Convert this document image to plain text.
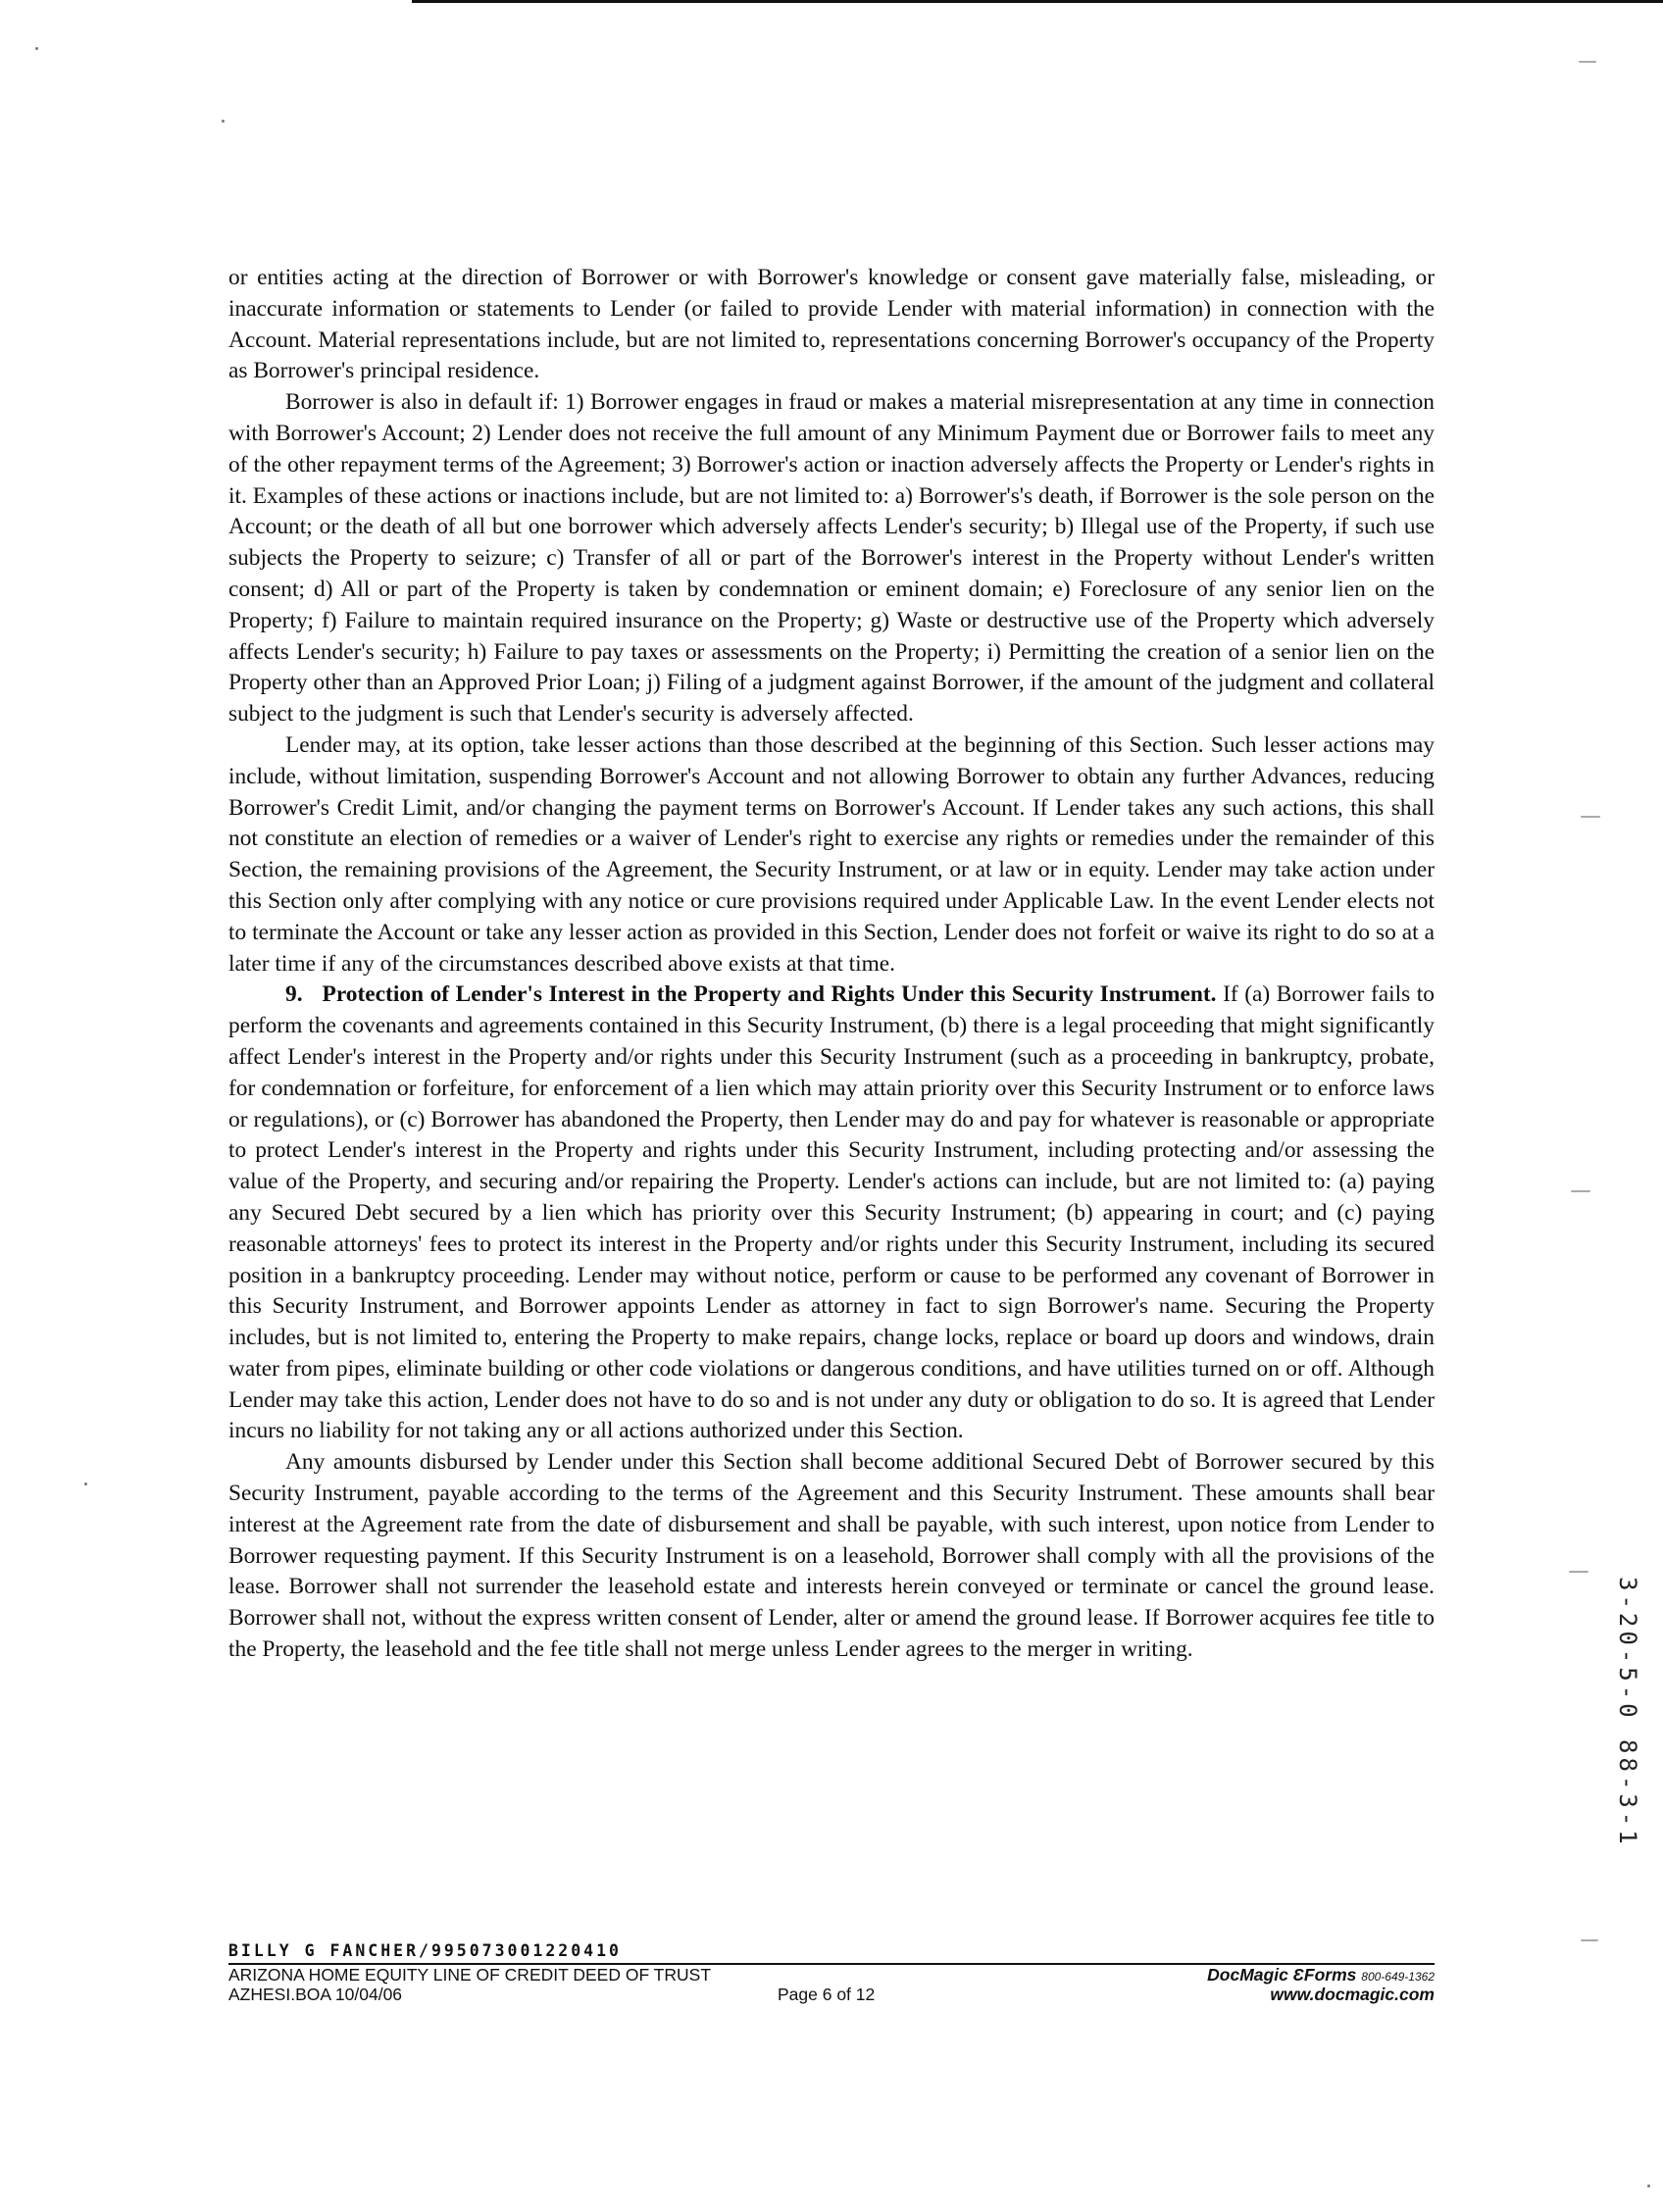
or entities acting at the direction of Borrower or with Borrower's knowledge or consent gave materially false, misleading, or inaccurate information or statements to Lender (or failed to provide Lender with material information) in connection with the Account. Material representations include, but are not limited to, representations concerning Borrower's occupancy of the Property as Borrower's principal residence.

Borrower is also in default if: 1) Borrower engages in fraud or makes a material misrepresentation at any time in connection with Borrower's Account; 2) Lender does not receive the full amount of any Minimum Payment due or Borrower fails to meet any of the other repayment terms of the Agreement; 3) Borrower's action or inaction adversely affects the Property or Lender's rights in it. Examples of these actions or inactions include, but are not limited to: a) Borrower's's death, if Borrower is the sole person on the Account; or the death of all but one borrower which adversely affects Lender's security; b) Illegal use of the Property, if such use subjects the Property to seizure; c) Transfer of all or part of the Borrower's interest in the Property without Lender's written consent; d) All or part of the Property is taken by condemnation or eminent domain; e) Foreclosure of any senior lien on the Property; f) Failure to maintain required insurance on the Property; g) Waste or destructive use of the Property which adversely affects Lender's security; h) Failure to pay taxes or assessments on the Property; i) Permitting the creation of a senior lien on the Property other than an Approved Prior Loan; j) Filing of a judgment against Borrower, if the amount of the judgment and collateral subject to the judgment is such that Lender's security is adversely affected.

Lender may, at its option, take lesser actions than those described at the beginning of this Section. Such lesser actions may include, without limitation, suspending Borrower's Account and not allowing Borrower to obtain any further Advances, reducing Borrower's Credit Limit, and/or changing the payment terms on Borrower's Account. If Lender takes any such actions, this shall not constitute an election of remedies or a waiver of Lender's right to exercise any rights or remedies under the remainder of this Section, the remaining provisions of the Agreement, the Security Instrument, or at law or in equity. Lender may take action under this Section only after complying with any notice or cure provisions required under Applicable Law. In the event Lender elects not to terminate the Account or take any lesser action as provided in this Section, Lender does not forfeit or waive its right to do so at a later time if any of the circumstances described above exists at that time.

9. Protection of Lender's Interest in the Property and Rights Under this Security Instrument. If (a) Borrower fails to perform the covenants and agreements contained in this Security Instrument, (b) there is a legal proceeding that might significantly affect Lender's interest in the Property and/or rights under this Security Instrument (such as a proceeding in bankruptcy, probate, for condemnation or forfeiture, for enforcement of a lien which may attain priority over this Security Instrument or to enforce laws or regulations), or (c) Borrower has abandoned the Property, then Lender may do and pay for whatever is reasonable or appropriate to protect Lender's interest in the Property and rights under this Security Instrument, including protecting and/or assessing the value of the Property, and securing and/or repairing the Property. Lender's actions can include, but are not limited to: (a) paying any Secured Debt secured by a lien which has priority over this Security Instrument; (b) appearing in court; and (c) paying reasonable attorneys' fees to protect its interest in the Property and/or rights under this Security Instrument, including its secured position in a bankruptcy proceeding. Lender may without notice, perform or cause to be performed any covenant of Borrower in this Security Instrument, and Borrower appoints Lender as attorney in fact to sign Borrower's name. Securing the Property includes, but is not limited to, entering the Property to make repairs, change locks, replace or board up doors and windows, drain water from pipes, eliminate building or other code violations or dangerous conditions, and have utilities turned on or off. Although Lender may take this action, Lender does not have to do so and is not under any duty or obligation to do so. It is agreed that Lender incurs no liability for not taking any or all actions authorized under this Section.

Any amounts disbursed by Lender under this Section shall become additional Secured Debt of Borrower secured by this Security Instrument, payable according to the terms of the Agreement and this Security Instrument. These amounts shall bear interest at the Agreement rate from the date of disbursement and shall be payable, with such interest, upon notice from Lender to Borrower requesting payment. If this Security Instrument is on a leasehold, Borrower shall comply with all the provisions of the lease. Borrower shall not surrender the leasehold estate and interests herein conveyed or terminate or cancel the ground lease. Borrower shall not, without the express written consent of Lender, alter or amend the ground lease. If Borrower acquires fee title to the Property, the leasehold and the fee title shall not merge unless Lender agrees to the merger in writing.

BILLY G FANCHER/995073001220410
ARIZONA HOME EQUITY LINE OF CREDIT DEED OF TRUST	DocMagic ƐForms 800-649-1362
AZHESI.BOA 10/04/06	Page 6 of 12	www.docmagic.com
3-20-5-0 88-3-1
